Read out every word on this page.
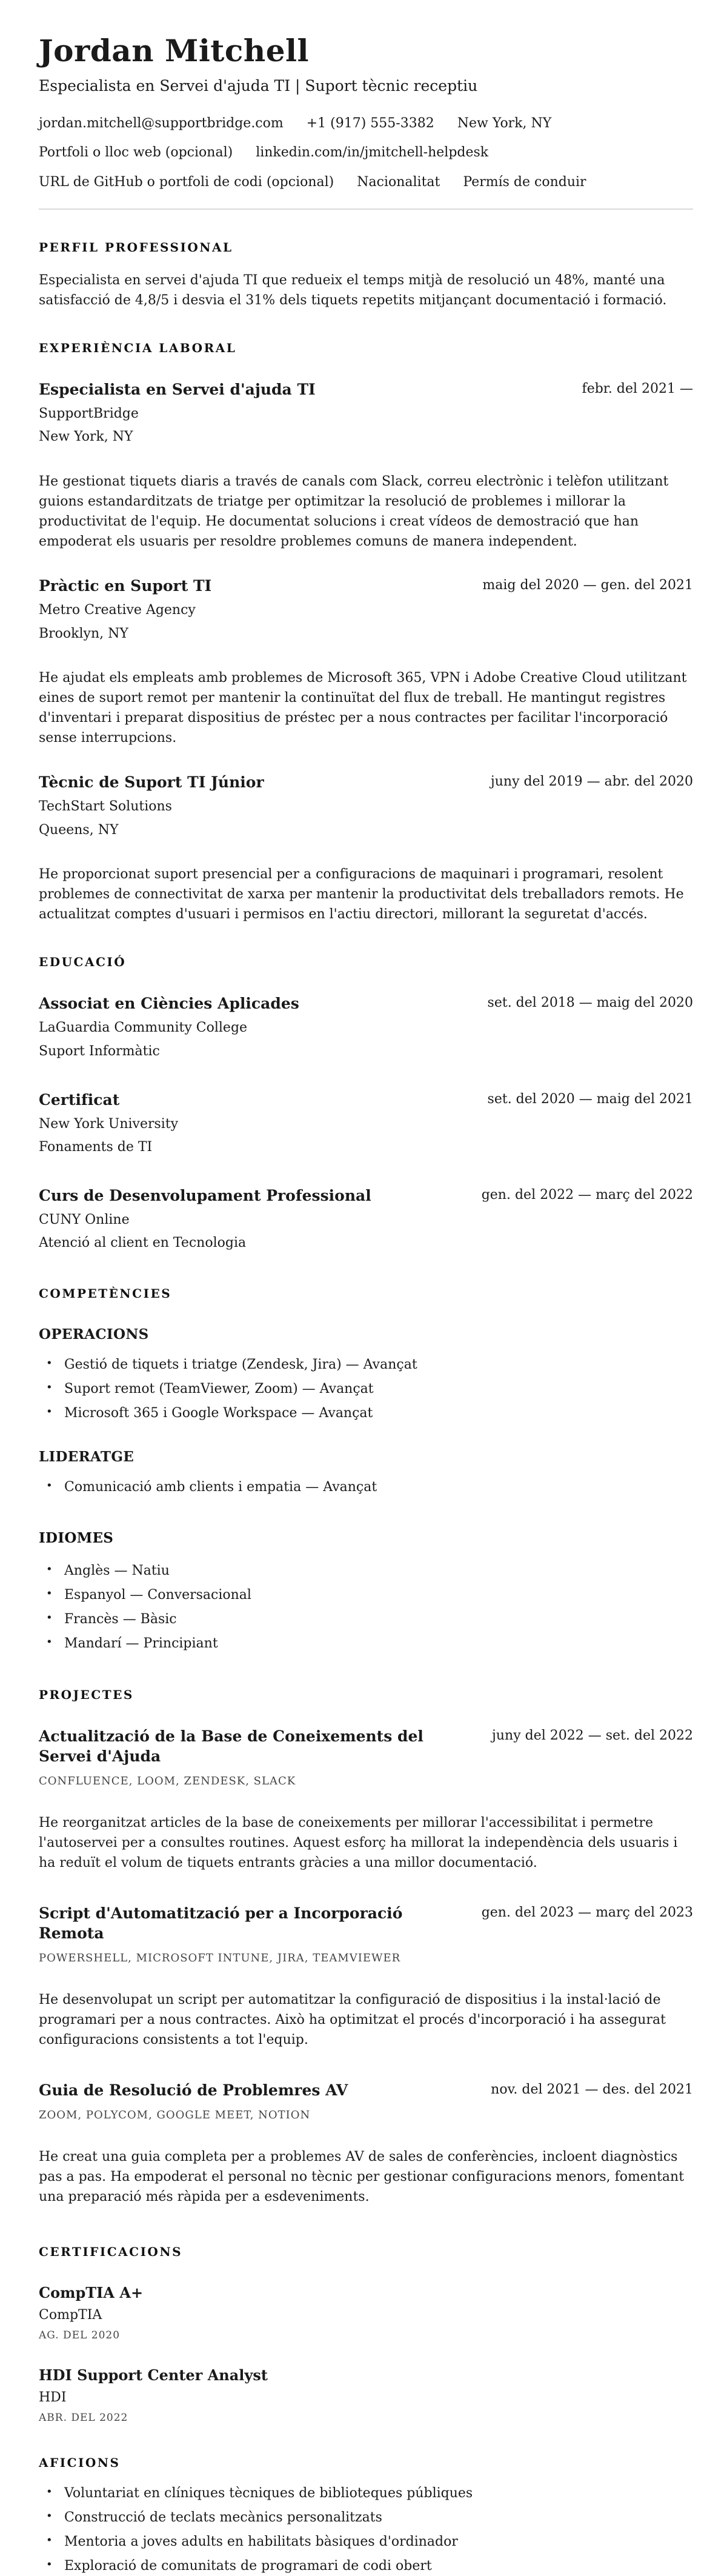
Jordan Mitchell
Especialista en Servei d'ajuda TI | Suport tècnic receptiu
jordan.mitchell@supportbridge.com +1 (917) 555-3382 New York, NY
Portfoli o lloc web (opcional) linkedin.com/in/jmitchell-helpdesk
URL de GitHub o portfoli de codi (opcional) Nacionalitat Permís de conduir
PERFIL PROFESSIONAL

Especialista en servei d'ajuda TI que redueix el temps mitjà de resolució un 48%, manté una satisfacció de 4,8/5 i desvia el 31% dels tiquets repetits mitjançant documentació i formació.

EXPERIÈNCIA LABORAL
Especialista en Servei d'ajuda TI	febr. del 2021 —
SupportBridge
New York, NY

He gestionat tiquets diaris a través de canals com Slack, correu electrònic i telèfon utilitzant guions estandarditzats de triatge per optimitzar la resolució de problemes i millorar la productivitat de l'equip. He documentat solucions i creat vídeos de demostració que han empoderat els usuaris per resoldre problemes comuns de manera independent.

Pràctic en Suport TI	maig del 2020 — gen. del 2021
Metro Creative Agency
Brooklyn, NY

He ajudat els empleats amb problemes de Microsoft 365, VPN i Adobe Creative Cloud utilitzant eines de suport remot per mantenir la continuïtat del flux de treball. He mantingut registres d'inventari i preparat dispositius de préstec per a nous contractes per facilitar l'incorporació sense interrupcions.

Tècnic de Suport TI Júnior	juny del 2019 — abr. del 2020
TechStart Solutions
Queens, NY

He proporcionat suport presencial per a configuracions de maquinari i programari, resolent problemes de connectivitat de xarxa per mantenir la productivitat dels treballadors remots. He actualitzat comptes d'usuari i permisos en l'actiu directori, millorant la seguretat d'accés.

EDUCACIÓ
Associat en Ciències Aplicades	set. del 2018 — maig del 2020
LaGuardia Community College
Suport Informàtic
Certificat	set. del 2020 — maig del 2021
New York University
Fonaments de TI
Curs de Desenvolupament Professional	gen. del 2022 — març del 2022
CUNY Online
Atenció al client en Tecnologia
COMPETÈNCIES
OPERACIONS
• Gestió de tiquets i triatge (Zendesk, Jira) — Avançat
• Suport remot (TeamViewer, Zoom) — Avançat
• Microsoft 365 i Google Workspace — Avançat
LIDERATGE
• Comunicació amb clients i empatia — Avançat
IDIOMES
• Anglès — Natiu
• Espanyol — Conversacional
• Francès — Bàsic
• Mandarí — Principiant
PROJECTES
Actualització de la Base de Coneixements del Servei d'Ajuda
juny del 2022 — set. del 2022
CONFLUENCE, LOOM, ZENDESK, SLACK

He reorganitzat articles de la base de coneixements per millorar l'accessibilitat i permetre l'autoservei per a consultes routines. Aquest esforç ha millorat la independència dels usuaris i ha reduït el volum de tiquets entrants gràcies a una millor documentació.

Script d'Automatització per a Incorporació Remota
gen. del 2023 — març del 2023
POWERSHELL, MICROSOFT INTUNE, JIRA, TEAMVIEWER

He desenvolupat un script per automatitzar la configuració de dispositius i la instal·lació de programari per a nous contractes. Això ha optimitzat el procés d'incorporació i ha assegurat configuracions consistents a tot l'equip.

Guia de Resolució de Problemres AV	nov. del 2021 — des. del 2021
ZOOM, POLYCOM, GOOGLE MEET, NOTION

He creat una guia completa per a problemes AV de sales de conferències, incloent diagnòstics pas a pas. Ha empoderat el personal no tècnic per gestionar configuracions menors, fomentant una preparació més ràpida per a esdeveniments.

CERTIFICACIONS
CompTIA A+
CompTIA
AG. DEL 2020
HDI Support Center Analyst
HDI
ABR. DEL 2022
AFICIONS
• Voluntariat en clíniques tècniques de biblioteques públiques
• Construcció de teclats mecànics personalitzats
• Mentoria a joves adults en habilitats bàsiques d'ordinador
• Exploració de comunitats de programari de codi obert
